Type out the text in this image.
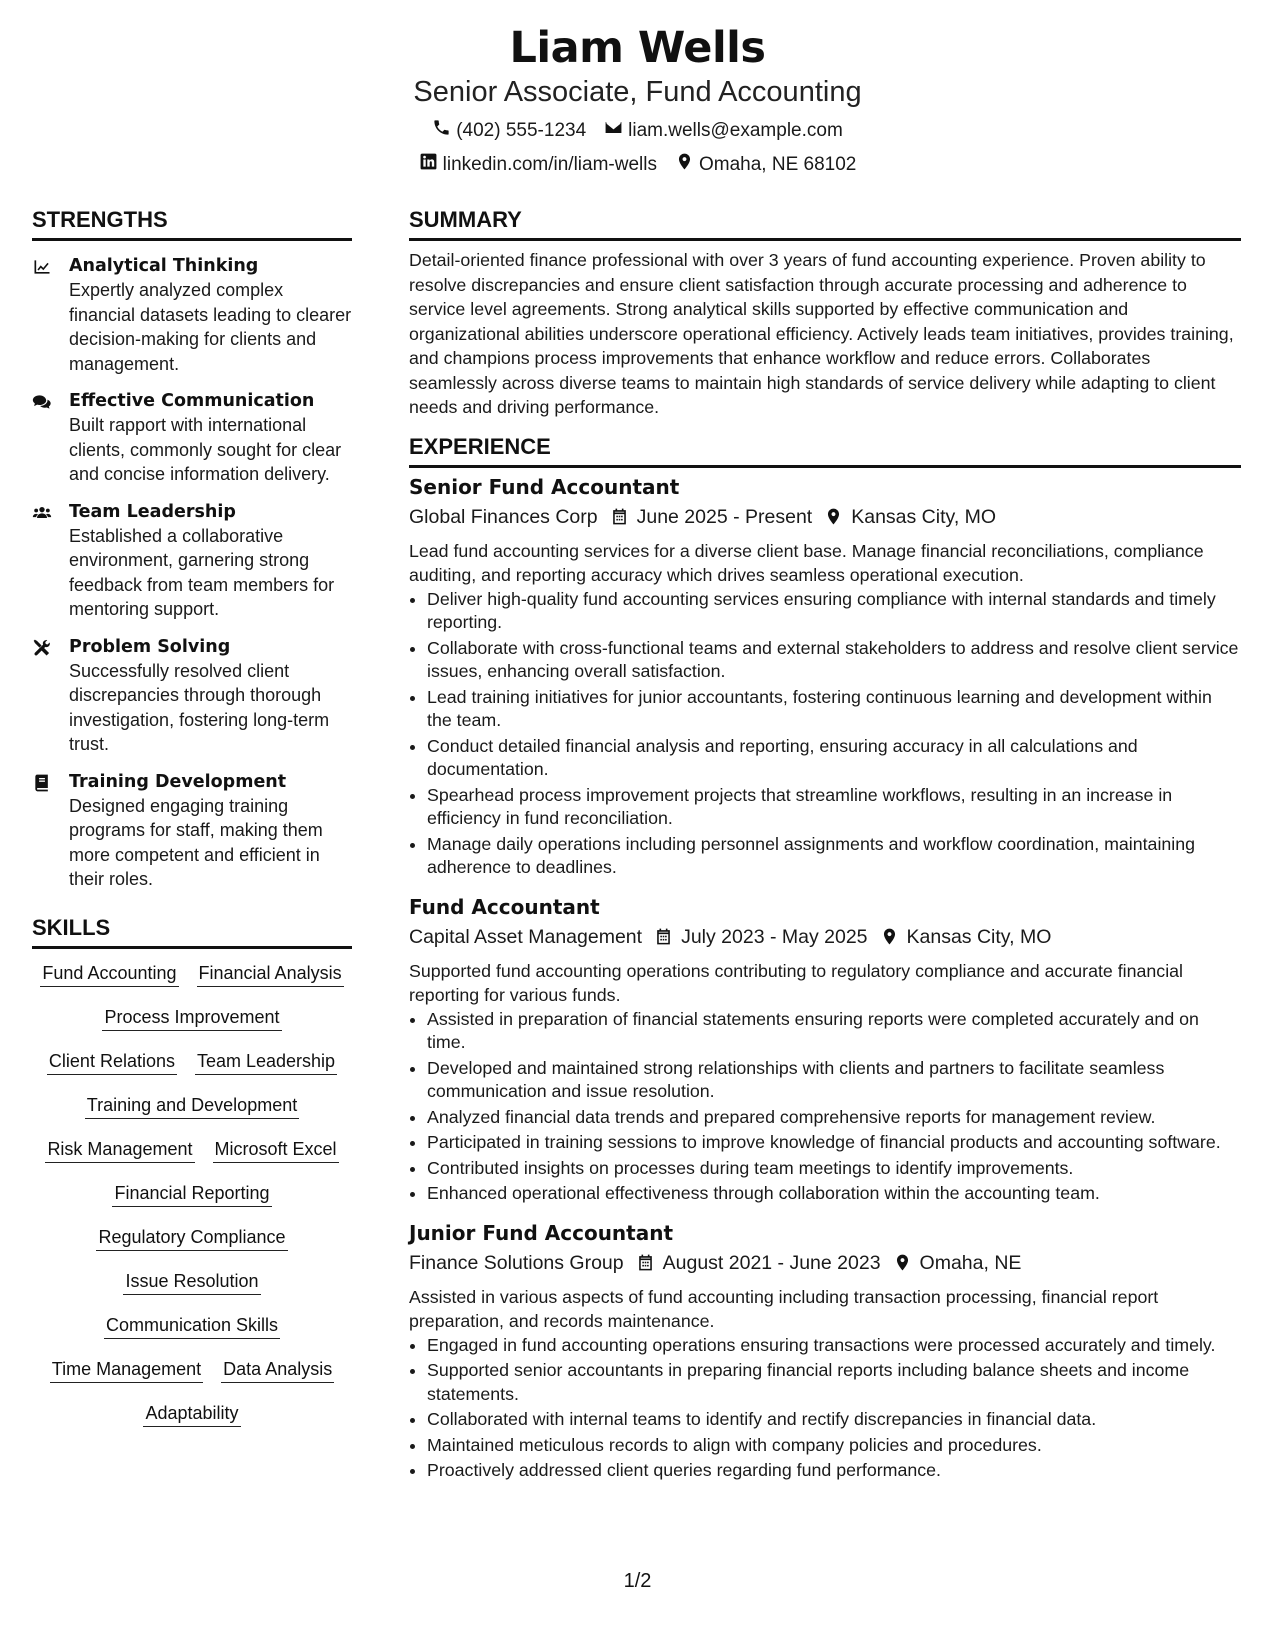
Liam Wells
Senior Associate, Fund Accounting
(402) 555-1234 liam.wells@example.com
linkedin.com/in/liam-wells Omaha, NE 68102
STRENGTHS
Analytical Thinking
Expertly analyzed complex financial datasets leading to clearer decision-making for clients and management.
Effective Communication
Built rapport with international clients, commonly sought for clear and concise information delivery.
Team Leadership
Established a collaborative environment, garnering strong feedback from team members for mentoring support.
Problem Solving
Successfully resolved client discrepancies through thorough investigation, fostering long-term trust.
Training Development
Designed engaging training programs for staff, making them more competent and efficient in their roles.
SKILLS
Fund Accounting Financial Analysis
Process Improvement
Client Relations Team Leadership
Training and Development
Risk Management Microsoft Excel
Financial Reporting
Regulatory Compliance
Issue Resolution
Communication Skills
Time Management Data Analysis
Adaptability
SUMMARY
Detail-oriented finance professional with over 3 years of fund accounting experience. Proven ability to resolve discrepancies and ensure client satisfaction through accurate processing and adherence to service level agreements. Strong analytical skills supported by effective communication and organizational abilities underscore operational efficiency. Actively leads team initiatives, provides training, and champions process improvements that enhance workflow and reduce errors. Collaborates seamlessly across diverse teams to maintain high standards of service delivery while adapting to client needs and driving performance.
EXPERIENCE
Senior Fund Accountant
Global Finances Corp June 2025 - Present Kansas City, MO
Lead fund accounting services for a diverse client base. Manage financial reconciliations, compliance auditing, and reporting accuracy which drives seamless operational execution.
• Deliver high-quality fund accounting services ensuring compliance with internal standards and timely reporting.
• Collaborate with cross-functional teams and external stakeholders to address and resolve client service issues, enhancing overall satisfaction.
• Lead training initiatives for junior accountants, fostering continuous learning and development within the team.
• Conduct detailed financial analysis and reporting, ensuring accuracy in all calculations and documentation.
• Spearhead process improvement projects that streamline workflows, resulting in an increase in efficiency in fund reconciliation.
• Manage daily operations including personnel assignments and workflow coordination, maintaining adherence to deadlines.
Fund Accountant
Capital Asset Management July 2023 - May 2025 Kansas City, MO
Supported fund accounting operations contributing to regulatory compliance and accurate financial reporting for various funds.
• Assisted in preparation of financial statements ensuring reports were completed accurately and on time.
• Developed and maintained strong relationships with clients and partners to facilitate seamless communication and issue resolution.
• Analyzed financial data trends and prepared comprehensive reports for management review.
• Participated in training sessions to improve knowledge of financial products and accounting software.
• Contributed insights on processes during team meetings to identify improvements.
• Enhanced operational effectiveness through collaboration within the accounting team.
Junior Fund Accountant
Finance Solutions Group August 2021 - June 2023 Omaha, NE
Assisted in various aspects of fund accounting including transaction processing, financial report preparation, and records maintenance.
• Engaged in fund accounting operations ensuring transactions were processed accurately and timely.
• Supported senior accountants in preparing financial reports including balance sheets and income statements.
• Collaborated with internal teams to identify and rectify discrepancies in financial data.
• Maintained meticulous records to align with company policies and procedures.
• Proactively addressed client queries regarding fund performance.
1/2
